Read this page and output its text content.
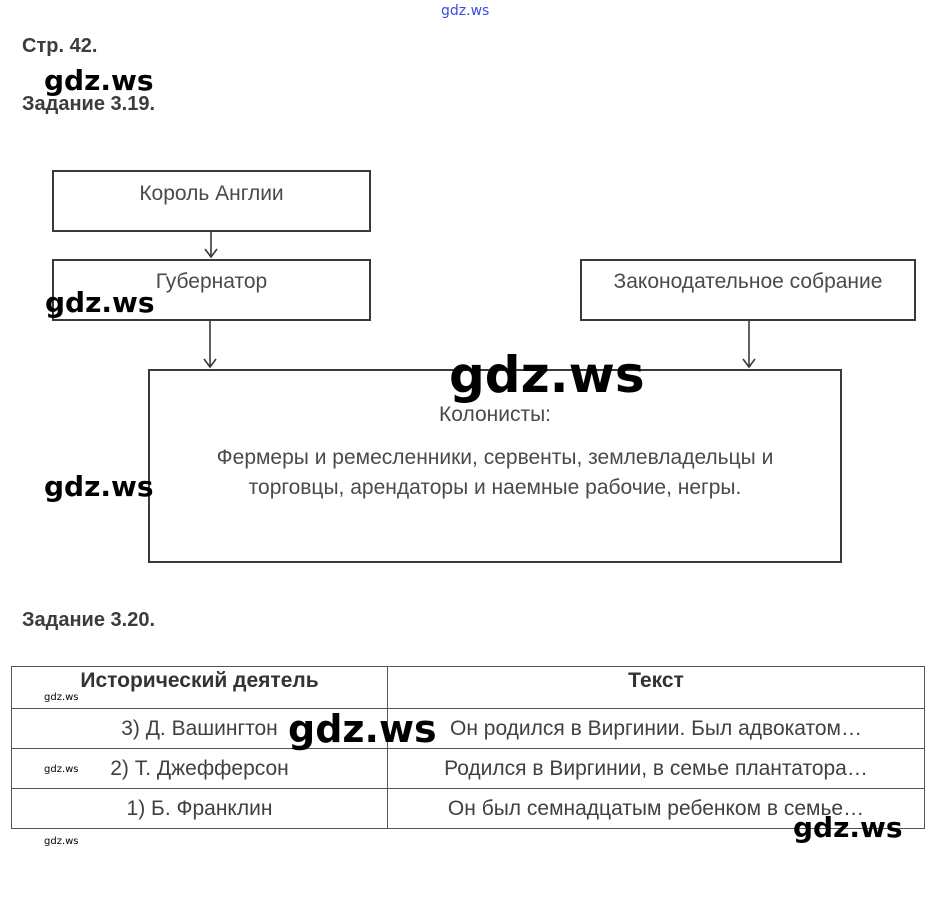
gdz.ws
Стр. 42.
gdz.ws
Задание 3.19.
Король Англии
Губернатор	Законодательное собрание
Колонисты:
Фермеры и ремесленники, сервенты, землевладельцы и
торговцы, арендаторы и наемные рабочие, негры.
gdz.ws
gdz.ws
gdz.ws
Задание 3.20.
Исторический деятель	Текст
3) Д. Вашингтон	Он родился в Виргинии. Был адвокатом…
2) Т. Джефферсон	Родился в Виргинии, в семье плантатора…
1) Б. Франклин	Он был семнадцатым ребенком в семье…
gdz.ws
gdz.ws
gdz.ws
gdz.ws
gdz.ws
